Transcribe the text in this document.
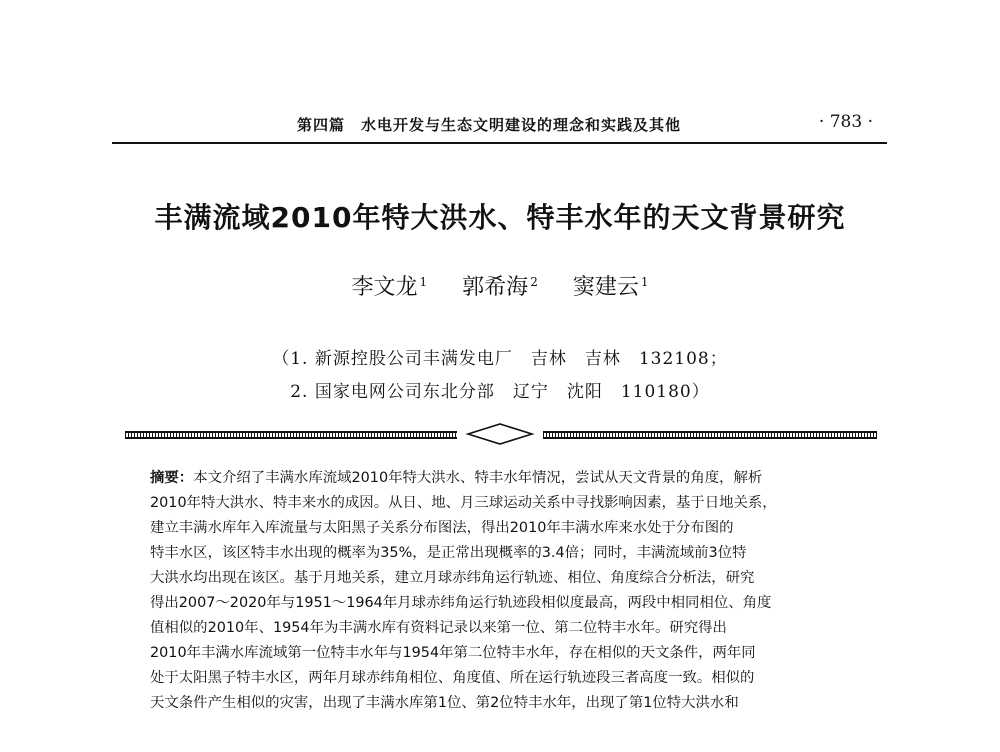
第四篇　水电开发与生态文明建设的理念和实践及其他	· 783 ·
丰满流域2010年特大洪水、特丰水年的天文背景研究
李文龙 $^1$ 郭希海 $^2$ 窦建云 $^1$
（1. 新源控股公司丰满发电厂　吉林　吉林　132108；
2. 国家电网公司东北分部　辽宁　沈阳　110180）

摘要：本文介绍了丰满水库流域2010年特大洪水、特丰水年情况，尝试从天文背景的角度，解析
2010年特大洪水、特丰来水的成因。从日、地、月三球运动关系中寻找影响因素，基于日地关系，
建立丰满水库年入库流量与太阳黑子关系分布图法，得出2010年丰满水库来水处于分布图的
特丰水区，该区特丰水出现的概率为35%，是正常出现概率的3.4倍；同时，丰满流域前3位特
大洪水均出现在该区。基于月地关系，建立月球赤纬角运行轨迹、相位、角度综合分析法，研究
得出2007～2020年与1951～1964年月球赤纬角运行轨迹段相似度最高，两段中相同相位、角度
值相似的2010年、1954年为丰满水库有资料记录以来第一位、第二位特丰水年。研究得出
2010年丰满水库流域第一位特丰水年与1954年第二位特丰水年，存在相似的天文条件，两年同
处于太阳黑子特丰水区，两年月球赤纬角相位、角度值、所在运行轨迹段三者高度一致。相似的
天文条件产生相似的灾害，出现了丰满水库第1位、第2位特丰水年，出现了第1位特大洪水和
